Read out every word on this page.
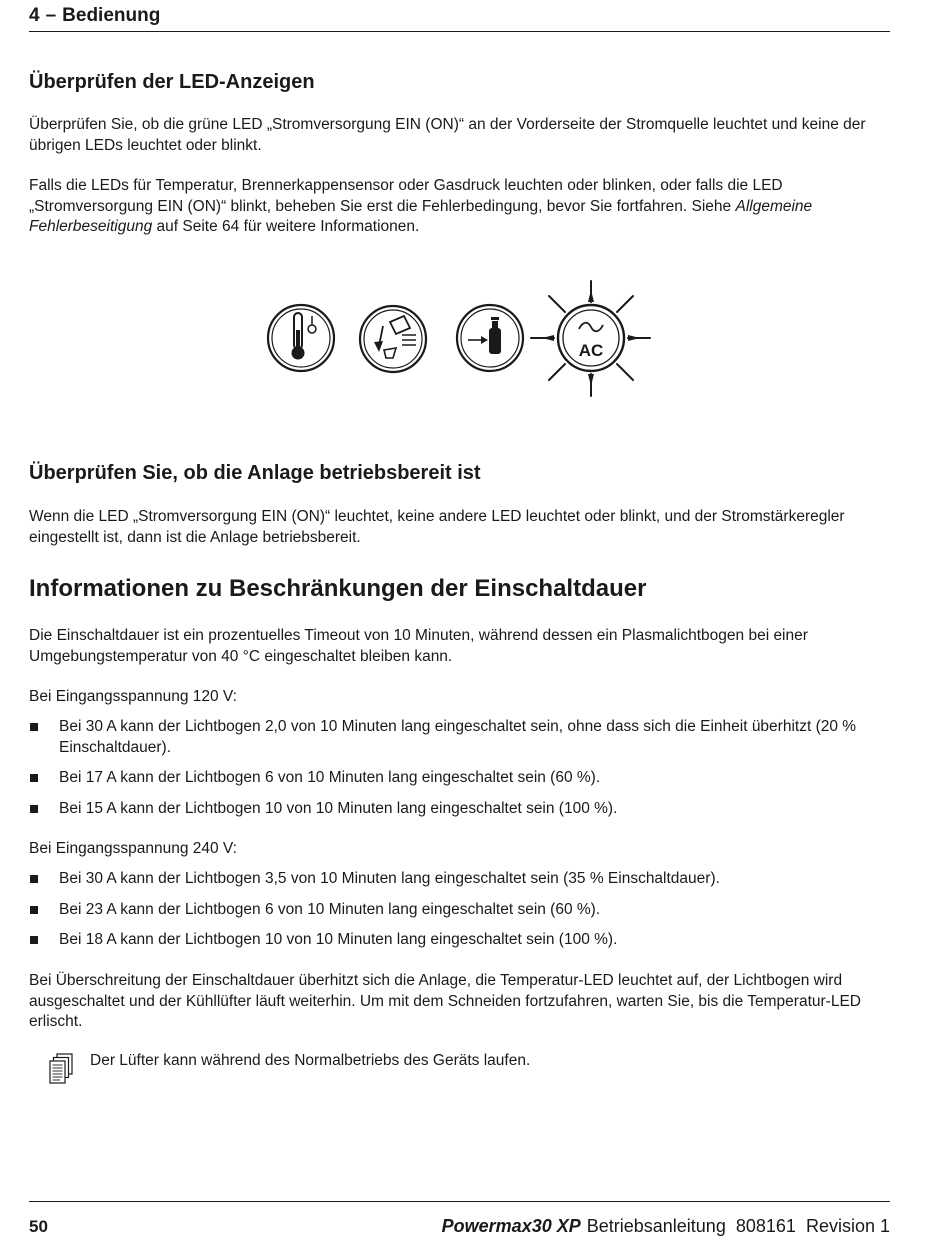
4 – Bedienung
Überprüfen der LED-Anzeigen

Überprüfen Sie, ob die grüne LED „Stromversorgung EIN (ON)“ an der Vorderseite der Stromquelle leuchtet und keine der übrigen LEDs leuchtet oder blinkt.

Falls die LEDs für Temperatur, Brennerkappensensor oder Gasdruck leuchten oder blinken, oder falls die LED „Stromversorgung EIN (ON)“ blinkt, beheben Sie erst die Fehlerbedingung, bevor Sie fortfahren. Siehe Allgemeine Fehlerbeseitigung auf Seite 64 für weitere Informationen.

AC
Überprüfen Sie, ob die Anlage betriebsbereit ist

Wenn die LED „Stromversorgung EIN (ON)“ leuchtet, keine andere LED leuchtet oder blinkt, und der Stromstärkeregler eingestellt ist, dann ist die Anlage betriebsbereit.

Informationen zu Beschränkungen der Einschaltdauer

Die Einschaltdauer ist ein prozentuelles Timeout von 10 Minuten, während dessen ein Plasmalichtbogen bei einer Umgebungstemperatur von 40 °C eingeschaltet bleiben kann.

Bei Eingangsspannung 120 V:

Bei 30 A kann der Lichtbogen 2,0 von 10 Minuten lang eingeschaltet sein, ohne dass sich die Einheit überhitzt (20 % Einschaltdauer).
Bei 17 A kann der Lichtbogen 6 von 10 Minuten lang eingeschaltet sein (60 %).
Bei 15 A kann der Lichtbogen 10 von 10 Minuten lang eingeschaltet sein (100 %).

Bei Eingangsspannung 240 V:

Bei 30 A kann der Lichtbogen 3,5 von 10 Minuten lang eingeschaltet sein (35 % Einschaltdauer).
Bei 23 A kann der Lichtbogen 6 von 10 Minuten lang eingeschaltet sein (60 %).
Bei 18 A kann der Lichtbogen 10 von 10 Minuten lang eingeschaltet sein (100 %).

Bei Überschreitung der Einschaltdauer überhitzt sich die Anlage, die Temperatur-LED leuchtet auf, der Lichtbogen wird ausgeschaltet und der Kühllüfter läuft weiterhin. Um mit dem Schneiden fortzufahren, warten Sie, bis die Temperatur-LED erlischt.

Der Lüfter kann während des Normalbetriebs des Geräts laufen.

50	Powermax30 XP Betriebsanleitung 808161 Revision 1
